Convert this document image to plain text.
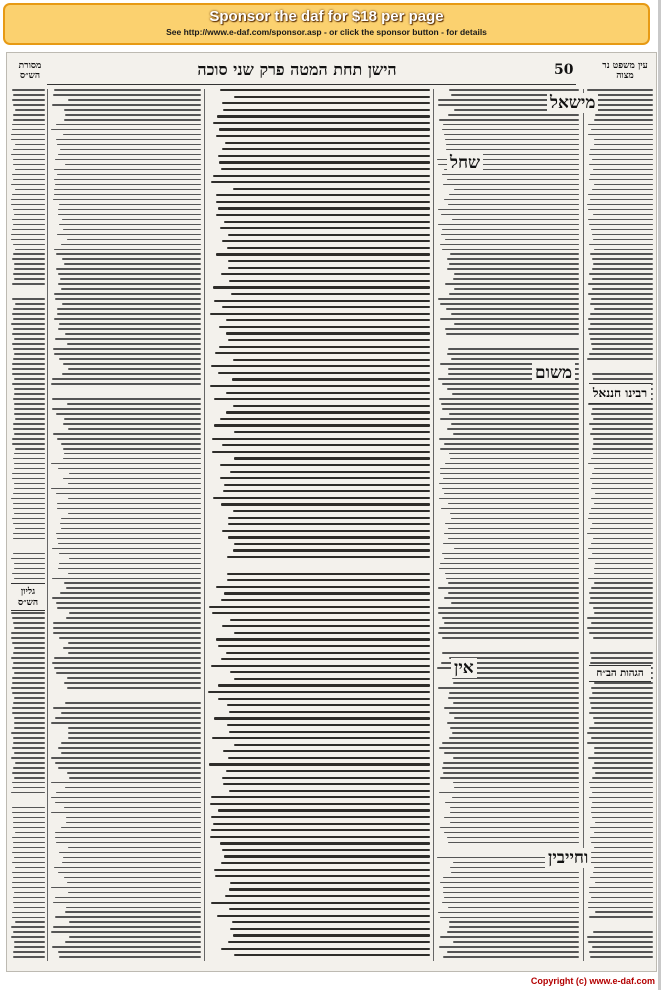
Sponsor the daf for $18 per page
See http://www.e-daf.com/sponsor.asp - or click the sponsor button - for details
מסורת הש״ס	הישן תחת המטה פרק שני סוכה	50	עין משפט נר מצוה
רבינו חננאל
הגהות הב״ח
גליון הש״ס
מישאל
שחל
משום
אין
וחייבין
Copyright (c) www.e-daf.com
